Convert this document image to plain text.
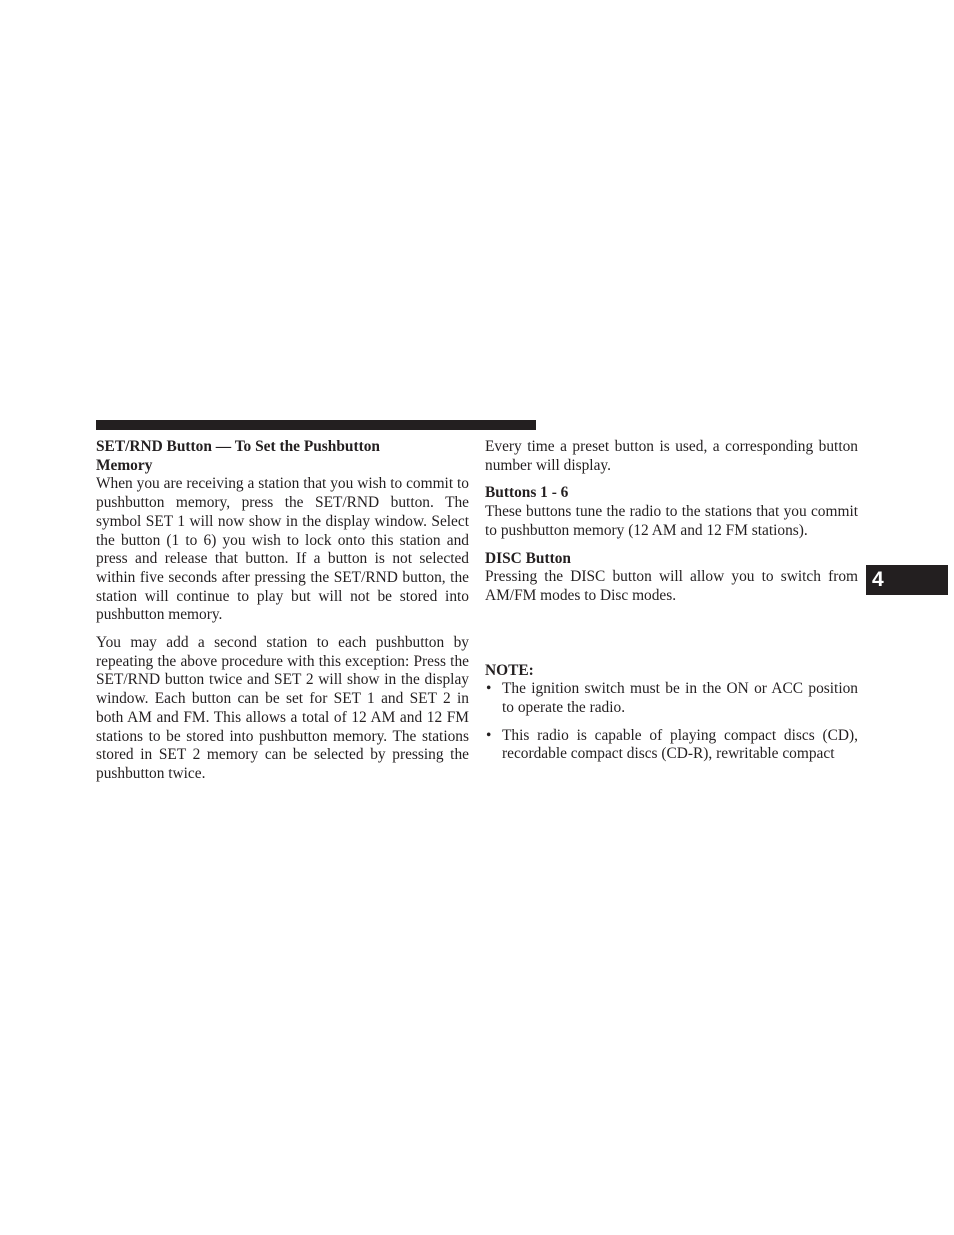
SET/RND Button — To Set the Pushbutton
Memory

When you are receiving a station that you wish to commit to pushbutton memory, press the SET/RND button. The symbol SET 1 will now show in the display window. Select the button (1 to 6) you wish to lock onto this station and press and release that button. If a button is not selected within five seconds after pressing the SET/RND button, the station will continue to play but will not be stored into pushbutton memory.

You may add a second station to each pushbutton by repeating the above procedure with this exception: Press the SET/RND button twice and SET 2 will show in the display window. Each button can be set for SET 1 and SET 2 in both AM and FM. This allows a total of 12 AM and 12 FM stations to be stored into pushbutton memory. The stations stored in SET 2 memory can be selected by pressing the pushbutton twice.

Every time a preset button is used, a corresponding button number will display.

Buttons 1 - 6

These buttons tune the radio to the stations that you commit to pushbutton memory (12 AM and 12 FM stations).

DISC Button

Pressing the DISC button will allow you to switch from AM/FM modes to Disc modes.

NOTE:

• The ignition switch must be in the ON or ACC position to operate the radio.
• This radio is capable of playing compact discs (CD), recordable compact discs (CD-R), rewritable compact
4
